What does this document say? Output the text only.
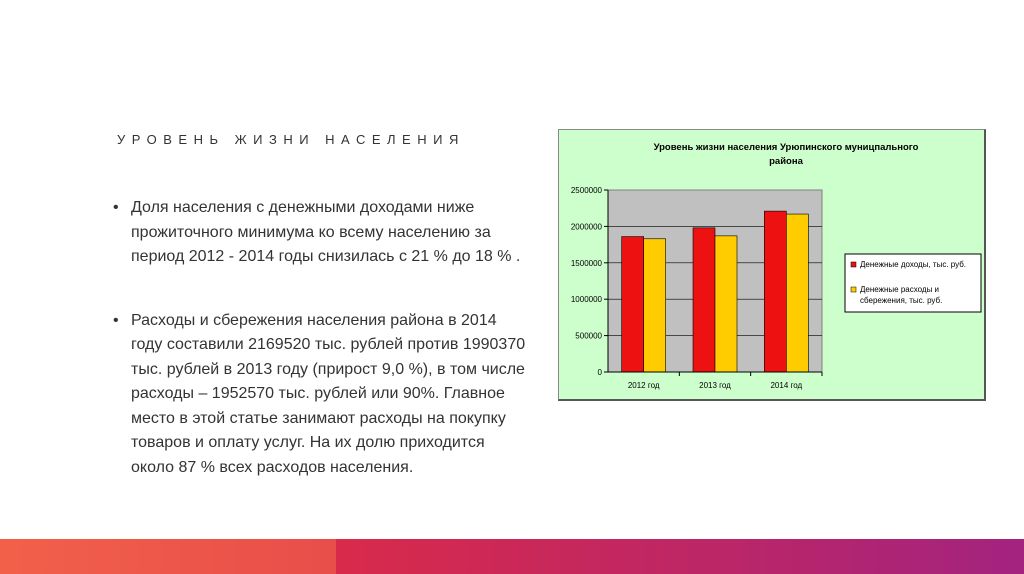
УРОВЕНЬ ЖИЗНИ НАСЕЛЕНИЯ
• Доля населения с денежными доходами ниже прожиточного минимума ко всему населению за период 2012 - 2014 годы снизилась с 21 % до 18 % .
• Расходы и сбережения населения района в 2014 году составили 2169520 тыс. рублей против 1990370 тыс. рублей в 2013 году (прирост 9,0 %), в том числе расходы – 1952570 тыс. рублей или 90%. Главное место в этой статье занимают расходы на покупку товаров и оплату услуг. На их долю приходится около 87 % всех расходов населения.
Уровень жизни населения Урюпинского муницпального
района
0
500000
1000000
1500000
2000000
2500000
2012 год	2013 год	2014 год
Денежные доходы, тыс. руб.
Денежные расходы и
сбережения, тыс. руб.
